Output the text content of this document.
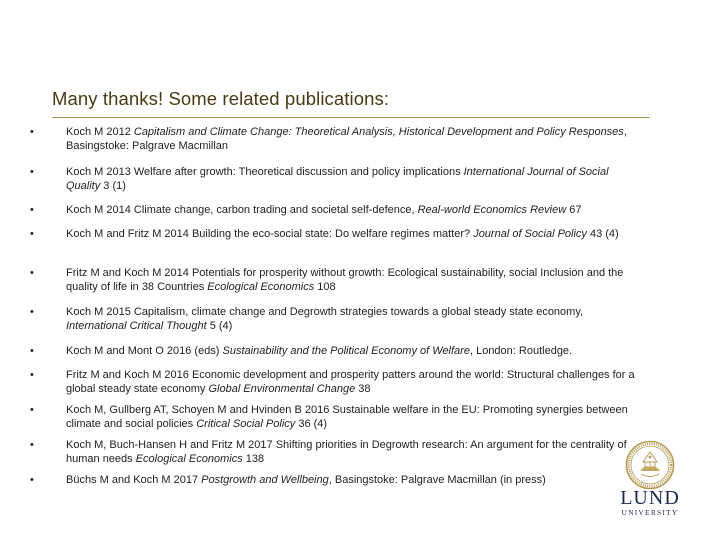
Many thanks! Some related publications:
•	Koch M 2012 Capitalism and Climate Change: Theoretical Analysis, Historical Development and Policy Responses, Basingstoke: Palgrave Macmillan
•	Koch M 2013 Welfare after growth: Theoretical discussion and policy implications International Journal of Social Quality 3 (1)
•	Koch M 2014 Climate change, carbon trading and societal self-defence, Real-world Economics Review 67
•	Koch M and Fritz M 2014 Building the eco-social state: Do welfare regimes matter? Journal of Social Policy 43 (4)
•	Fritz M and Koch M 2014 Potentials for prosperity without growth: Ecological sustainability, social Inclusion and the quality of life in 38 Countries Ecological Economics 108
•	Koch M 2015 Capitalism, climate change and Degrowth strategies towards a global steady state economy, International Critical Thought 5 (4)
•	Koch M and Mont O 2016 (eds) Sustainability and the Political Economy of Welfare, London: Routledge.
•	Fritz M and Koch M 2016 Economic development and prosperity patters around the world: Structural challenges for a global steady state economy Global Environmental Change 38
•	Koch M, Gullberg AT, Schoyen M and Hvinden B 2016 Sustainable welfare in the EU: Promoting synergies between climate and social policies Critical Social Policy 36 (4)
•	Koch M, Buch-Hansen H and Fritz M 2017 Shifting priorities in Degrowth research: An argument for the centrality of human needs Ecological Economics 138
•	Büchs M and Koch M 2017 Postgrowth and Wellbeing, Basingstoke: Palgrave Macmillan (in press)
LUND
UNIVERSITY
